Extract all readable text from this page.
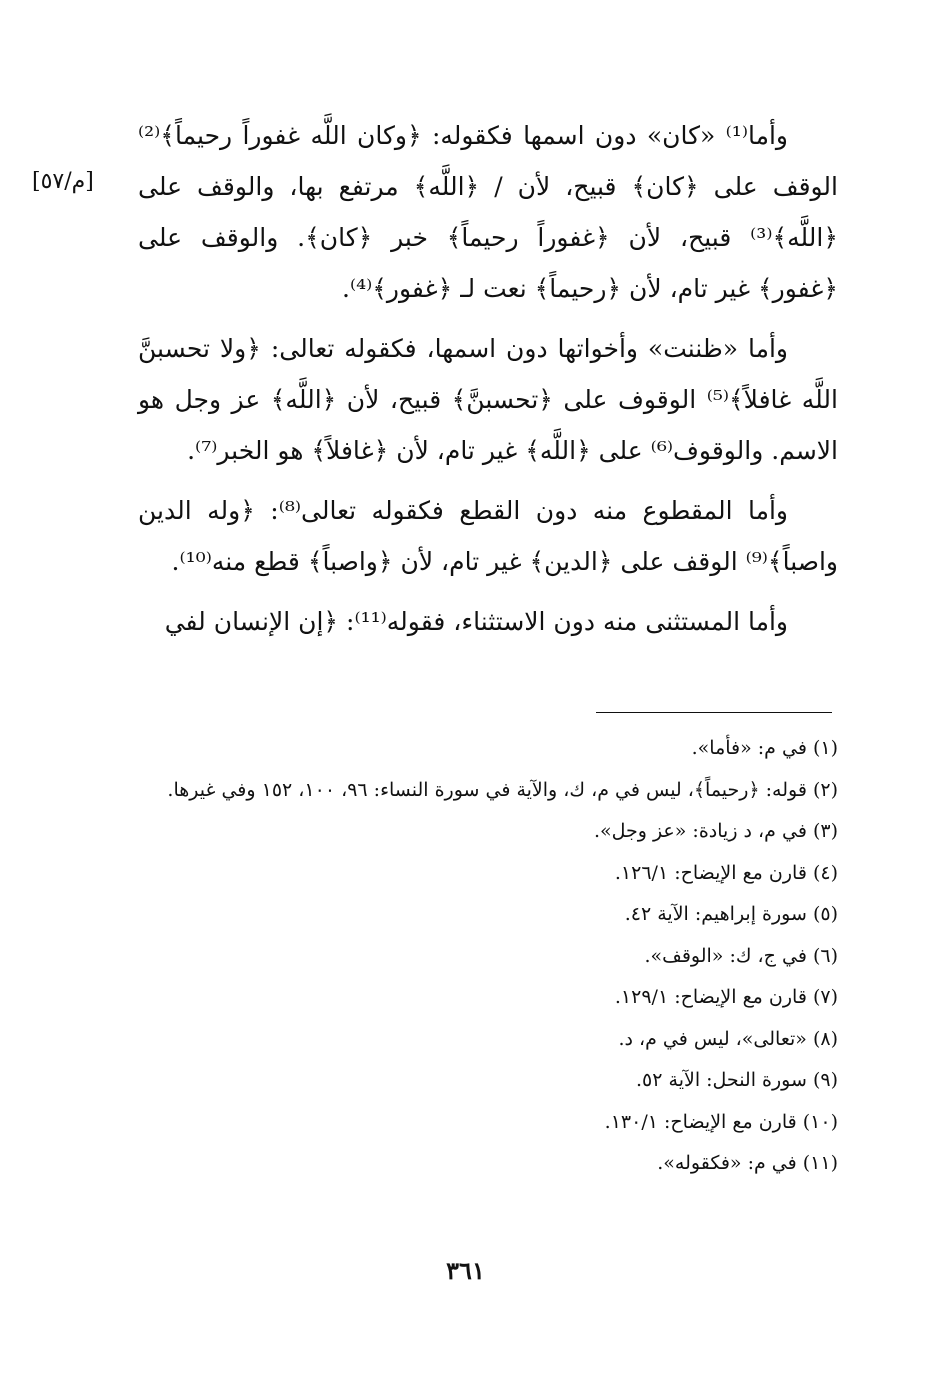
[م/٥٧]

وأما⁽¹⁾ «كان» دون اسمها فكقوله: ﴿وكان اللَّه غفوراً رحيماً﴾⁽²⁾ الوقف على ﴿كان﴾ قبيح، لأن / ﴿اللَّه﴾ مرتفع بها، والوقف على ﴿اللَّه﴾⁽³⁾ قبيح، لأن ﴿غفوراً رحيماً﴾ خبر ﴿كان﴾. والوقف على ﴿غفور﴾ غير تام، لأن ﴿رحيماً﴾ نعت لـ ﴿غفور﴾⁽⁴⁾.

وأما «ظننت» وأخواتها دون اسمها، فكقوله تعالى: ﴿ولا تحسبنَّ اللَّه غافلاً﴾⁽⁵⁾ الوقوف على ﴿تحسبنَّ﴾ قبيح، لأن ﴿اللَّه﴾ عز وجل هو الاسم. والوقوف⁽⁶⁾ على ﴿اللَّه﴾ غير تام، لأن ﴿غافلاً﴾ هو الخبر⁽⁷⁾.

وأما المقطوع منه دون القطع فكقوله تعالى⁽⁸⁾: ﴿وله الدين واصباً﴾⁽⁹⁾ الوقف على ﴿الدين﴾ غير تام، لأن ﴿واصباً﴾ قطع منه⁽¹⁰⁾.

وأما المستثنى منه دون الاستثناء، فقوله⁽¹¹⁾: ﴿إن الإنسان لفي

(١) في م: «فأما».
(٢) قوله: ﴿رحيماً﴾، ليس في م، ك، والآية في سورة النساء: ٩٦، ١٠٠، ١٥٢ وفي غيرها.
(٣) في م، د زيادة: «عز وجل».
(٤) قارن مع الإيضاح: ١٢٦/١.
(٥) سورة إبراهيم: الآية ٤٢.
(٦) في ج، ك: «الوقف».
(٧) قارن مع الإيضاح: ١٢٩/١.
(٨) «تعالى»، ليس في م، د.
(٩) سورة النحل: الآية ٥٢.
(١٠) قارن مع الإيضاح: ١٣٠/١.
(١١) في م: «فكقوله».
٣٦١
